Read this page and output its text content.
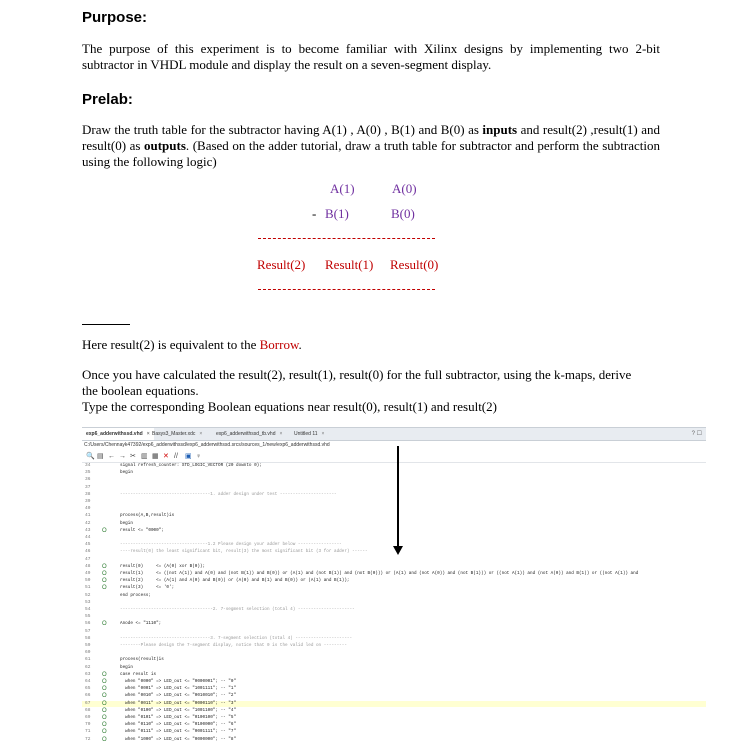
Purpose:
The purpose of this experiment is to become familiar with Xilinx designs by implementing two 2-bit subtractor in VHDL module and display the result on a seven-segment display.
Prelab:
Draw the truth table for the subtractor having A(1) , A(0) , B(1) and B(0) as inputs and result(2) ,result(1) and result(0) as outputs. (Based on the adder tutorial, draw a truth table for subtractor and perform the subtraction using the following logic)
A(1)	A(0)
- B(1)	B(0)
Result(2) Result(1) Result(0)
Here result(2) is equivalent to the Borrow.
Once you have calculated the result(2), result(1), result(0) for the full subtractor, using the k-maps, derive
the boolean equations.
Type the corresponding Boolean equations near result(0), result(1) and result(2)
exp6_adderwithssd.vhd × Basys3_Master.xdc ×	exp6_adderwithssd_tb.vhd ×	Untitled 11 ×	? ☐
C:/Users/Chennayk47392/exp6_adderwithssd/exp6_adderwithssd.srcs/sources_1/new/exp6_adderwithssd.vhd
🔍 ▤ ← → ✂ ▥ ▦ ✕ // ▣ ♀
34	signal refresh_counter: STD_LOGIC_VECTOR (20 downto 0);
35	begin
36
37
38	-----------------------------------1. adder design under test ----------------------
39
40
41	process(A,B,result)is
42	begin
43	O	result <= "0000";
44
45	----------------------------------1.2 Please design your adder below -----------------
46	----result(0) the least significant bit, result(3) the most significant bit (3 for adder) ------
47
48	O	result(0)     <= (A(0) xor B(0));
49	O	result(1)     <= ((not A(1)) and A(0) and (not B(1)) and B(0)) or (A(1) and (not B(1)) and (not B(0))) or (A(1) and (not A(0)) and (not B(1))) or ((not A(1)) and (not A(0)) and B(1)) or ((not A(1)) and
50	O	result(2)     <= (A(1) and A(0) and B(0)) or (A(0) and B(1) and B(0)) or (A(1) and B(1));
51	O	result(3)     <= '0';
52	end process;
53
54	------------------------------------2. 7-segment selection (total 4) ----------------------
55
56	O	Anode <= "1110";
57
58	-----------------------------------3. 7-segment selection (total 4) ----------------------
59	--------Please design the 7-segment display, notice that 0 is the valid led on ---------
60
61	process(result)is
62	begin
63	O	case result is
64	O	when "0000" => LED_out <= "0000001"; -- "0"
65	O	when "0001" => LED_out <= "1001111"; -- "1"
66	O	when "0010" => LED_out <= "0010010"; -- "2"
67	O	when "0011" => LED_out <= "0000110"; -- "3"
68	O	when "0100" => LED_out <= "1001100"; -- "4"
69	O	when "0101" => LED_out <= "0100100"; -- "5"
70	O	when "0110" => LED_out <= "0100000"; -- "6"
71	O	when "0111" => LED_out <= "0001111"; -- "7"
72	O	when "1000" => LED_out <= "0000000"; -- "8"
